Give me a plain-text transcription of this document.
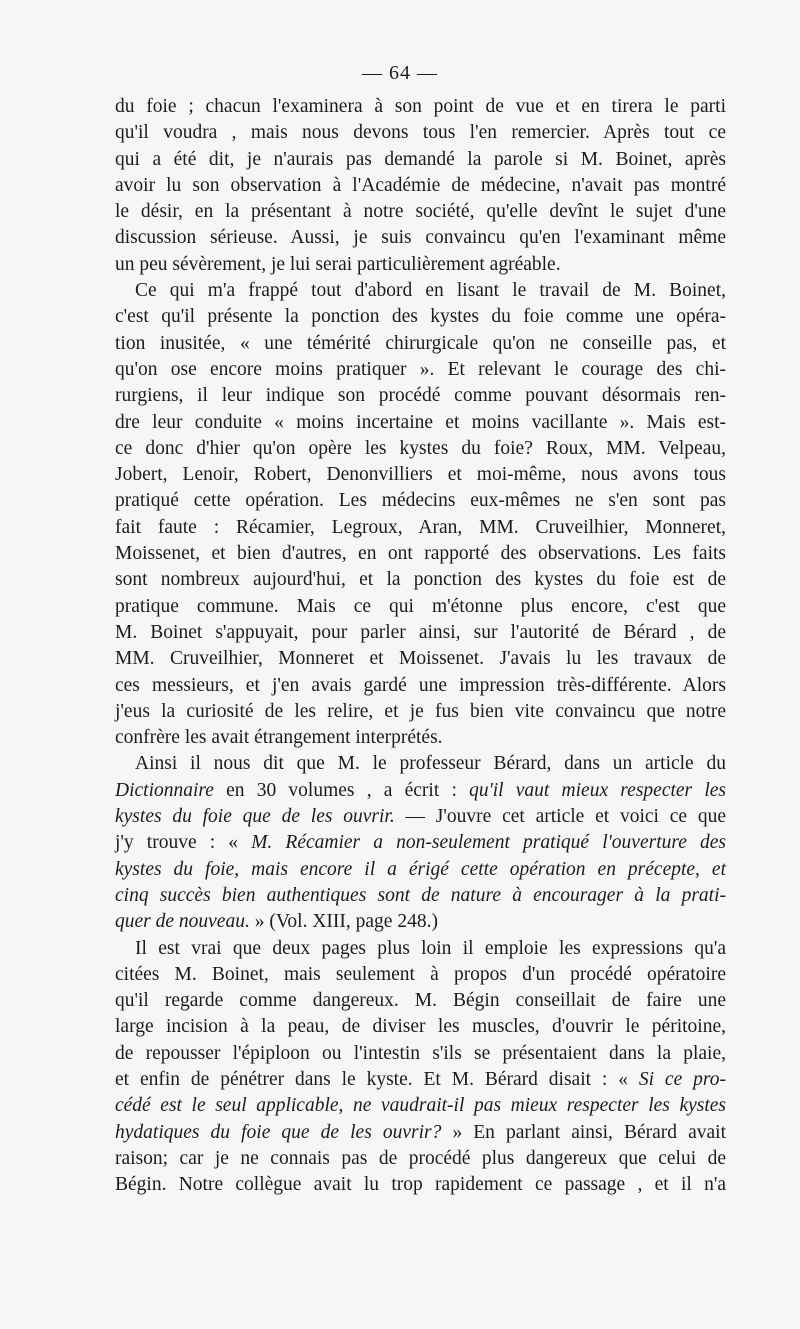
— 64 —
du foie ; chacun l'examinera à son point de vue et en tirera le parti
qu'il voudra , mais nous devons tous l'en remercier. Après tout ce
qui a été dit, je n'aurais pas demandé la parole si M. Boinet, après
avoir lu son observation à l'Académie de médecine, n'avait pas montré
le désir, en la présentant à notre société, qu'elle devînt le sujet d'une
discussion sérieuse. Aussi, je suis convaincu qu'en l'examinant même
un peu sévèrement, je lui serai particulièrement agréable.
Ce qui m'a frappé tout d'abord en lisant le travail de M. Boinet,
c'est qu'il présente la ponction des kystes du foie comme une opéra-
tion inusitée, « une témérité chirurgicale qu'on ne conseille pas, et
qu'on ose encore moins pratiquer ». Et relevant le courage des chi-
rurgiens, il leur indique son procédé comme pouvant désormais ren-
dre leur conduite « moins incertaine et moins vacillante ». Mais est-
ce donc d'hier qu'on opère les kystes du foie? Roux, MM. Velpeau,
Jobert, Lenoir, Robert, Denonvilliers et moi-même, nous avons tous
pratiqué cette opération. Les médecins eux-mêmes ne s'en sont pas
fait faute : Récamier, Legroux, Aran, MM. Cruveilhier, Monneret,
Moissenet, et bien d'autres, en ont rapporté des observations. Les faits
sont nombreux aujourd'hui, et la ponction des kystes du foie est de
pratique commune. Mais ce qui m'étonne plus encore, c'est que
M. Boinet s'appuyait, pour parler ainsi, sur l'autorité de Bérard , de
MM. Cruveilhier, Monneret et Moissenet. J'avais lu les travaux de
ces messieurs, et j'en avais gardé une impression très-différente. Alors
j'eus la curiosité de les relire, et je fus bien vite convaincu que notre
confrère les avait étrangement interprétés.
Ainsi il nous dit que M. le professeur Bérard, dans un article du
Dictionnaire en 30 volumes , a écrit : qu'il vaut mieux respecter les
kystes du foie que de les ouvrir. — J'ouvre cet article et voici ce que
j'y trouve : « M. Récamier a non-seulement pratiqué l'ouverture des
kystes du foie, mais encore il a érigé cette opération en précepte, et
cinq succès bien authentiques sont de nature à encourager à la prati-
quer de nouveau. » (Vol. XIII, page 248.)
Il est vrai que deux pages plus loin il emploie les expressions qu'a
citées M. Boinet, mais seulement à propos d'un procédé opératoire
qu'il regarde comme dangereux. M. Bégin conseillait de faire une
large incision à la peau, de diviser les muscles, d'ouvrir le péritoine,
de repousser l'épiploon ou l'intestin s'ils se présentaient dans la plaie,
et enfin de pénétrer dans le kyste. Et M. Bérard disait : « Si ce pro-
cédé est le seul applicable, ne vaudrait-il pas mieux respecter les kystes
hydatiques du foie que de les ouvrir? » En parlant ainsi, Bérard avait
raison; car je ne connais pas de procédé plus dangereux que celui de
Bégin. Notre collègue avait lu trop rapidement ce passage , et il n'a
